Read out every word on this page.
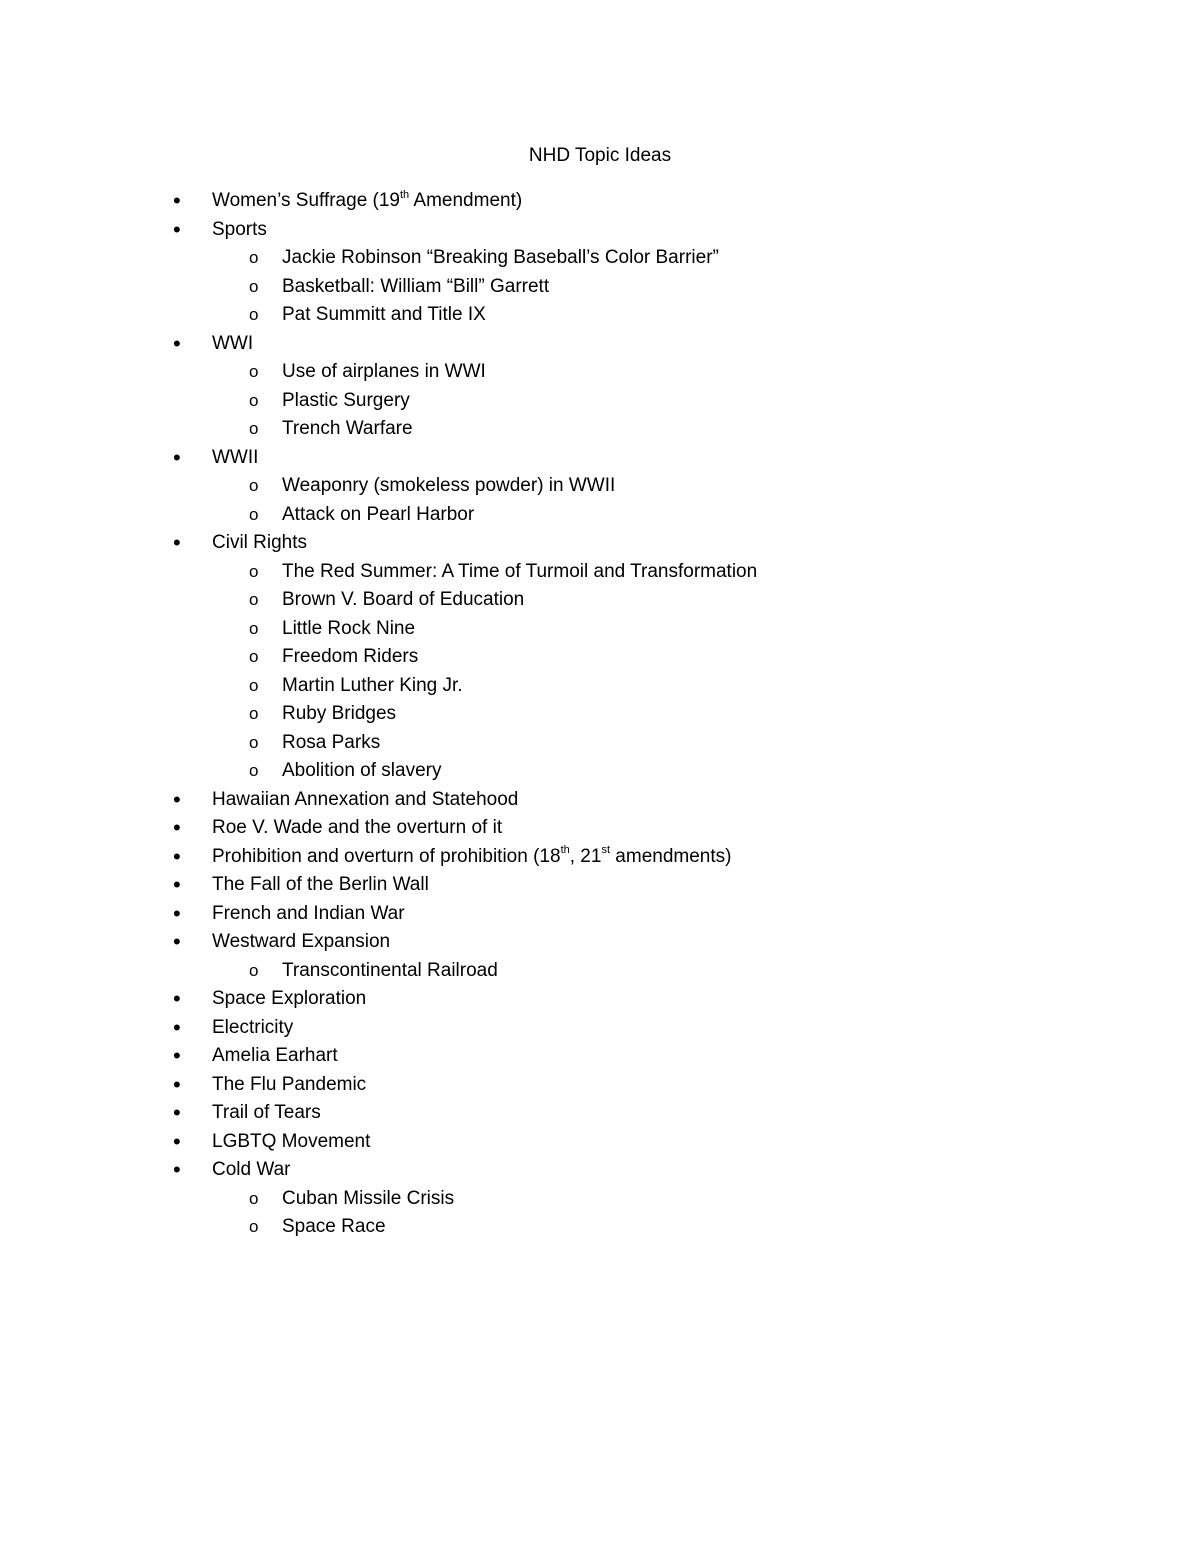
NHD Topic Ideas
• Women’s Suffrage (19th Amendment)
• Sports
o Jackie Robinson “Breaking Baseball’s Color Barrier”
o Basketball: William “Bill” Garrett
o Pat Summitt and Title IX
• WWI
o Use of airplanes in WWI
o Plastic Surgery
o Trench Warfare
• WWII
o Weaponry (smokeless powder) in WWII
o Attack on Pearl Harbor
• Civil Rights
o The Red Summer: A Time of Turmoil and Transformation
o Brown V. Board of Education
o Little Rock Nine
o Freedom Riders
o Martin Luther King Jr.
o Ruby Bridges
o Rosa Parks
o Abolition of slavery
• Hawaiian Annexation and Statehood
• Roe V. Wade and the overturn of it
• Prohibition and overturn of prohibition (18th, 21st amendments)
• The Fall of the Berlin Wall
• French and Indian War
• Westward Expansion
o Transcontinental Railroad
• Space Exploration
• Electricity
• Amelia Earhart
• The Flu Pandemic
• Trail of Tears
• LGBTQ Movement
• Cold War
o Cuban Missile Crisis
o Space Race
